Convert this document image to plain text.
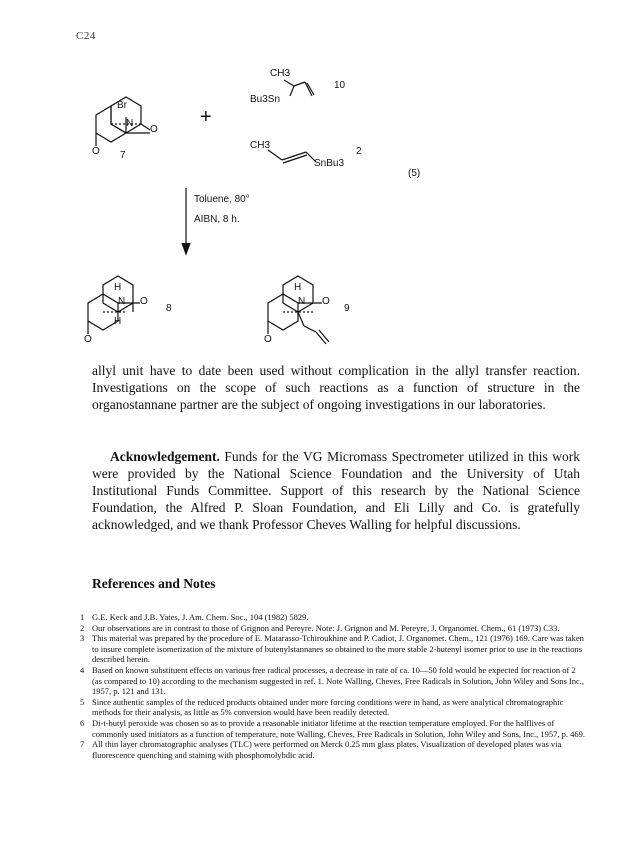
C24
Br
N
O
O 7
+
CH3
Bu3Sn
10
CH3
SnBu3
2
(5)
Toluene, 80°
AIBN, 8 h.
H
N O
H
O
8
H
N O
O
9

allyl unit have to date been used without complication in the allyl transfer reaction. Investigations on the scope of such reactions as a function of structure in the organostannane partner are the subject of ongoing investigations in our laboratories.

Acknowledgement. Funds for the VG Micromass Spectrometer utilized in this work were provided by the National Science Foundation and the University of Utah Institutional Funds Committee. Support of this research by the National Science Foundation, the Alfred P. Sloan Foundation, and Eli Lilly and Co. is gratefully acknowledged, and we thank Professor Cheves Walling for helpful discussions.

References and Notes
1 G.E. Keck and J.B. Yates, J. Am. Chem. Soc., 104 (1982) 5829.
2 Our observations are in contrast to those of Grignon and Pereyre. Note: J. Grignon and M. Pereyre, J. Organomet. Chem., 61 (1973) C33.
3 This material was prepared by the procedure of E. Matarasso-Tchiroukhine and P. Cadiot, J. Organomet. Chem., 121 (1976) 169. Care was taken to insure complete isomerization of the mixture of butenylstannanes so obtained to the more stable 2-butenyl isomer prior to use in the reactions described herein.
4 Based on known substituent effects on various free radical processes, a decrease in rate of ca. 10—50 fold would be expected for reaction of 2 (as compared to 10) according to the mechanism suggested in ref. 1. Note Walling, Cheves, Free Radicals in Solution, John Wiley and Sons Inc., 1957, p. 121 and 131.
5 Since authentic samples of the reduced products obtained under more forcing conditions were in hand, as were analytical chromatographic methods for their analysis, as little as 5% conversion would have been readily detected.
6 Di-t-butyl peroxide was chosen so as to provide a reasonable initiator lifetime at the reaction temperature employed. For the halflives of commonly used initiators as a function of temperature, note Walling, Cheves, Free Radicals in Solution, John Wiley and Sons, Inc., 1957, p. 469.
7 All thin layer chromatographic analyses (TLC) were performed on Merck 0.25 mm glass plates. Visualization of developed plates was via fluorescence quenching and staining with phosphomolybdic acid.
